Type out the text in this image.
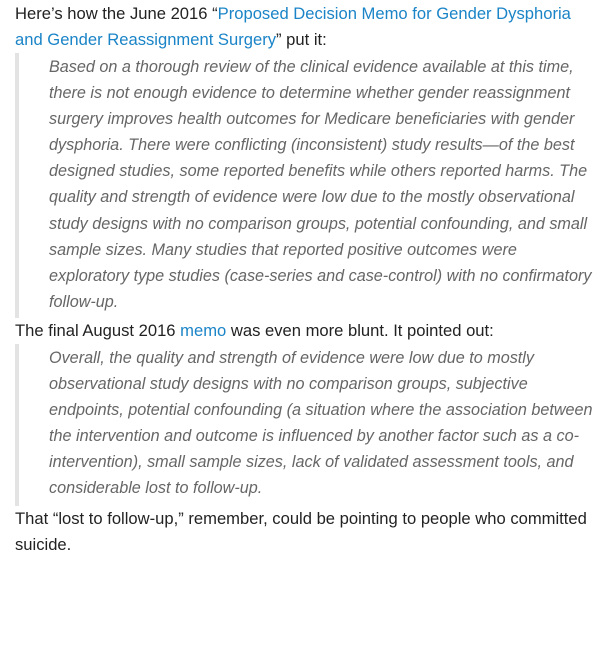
Here’s how the June 2016 “Proposed Decision Memo for Gender Dysphoria and Gender Reassignment Surgery” put it:

Based on a thorough review of the clinical evidence available at this time, there is not enough evidence to determine whether gender reassignment surgery improves health outcomes for Medicare beneficiaries with gender dysphoria. There were conflicting (inconsistent) study results—of the best designed studies, some reported benefits while others reported harms. The quality and strength of evidence were low due to the mostly observational study designs with no comparison groups, potential confounding, and small sample sizes. Many studies that reported positive outcomes were exploratory type studies (case-series and case-control) with no confirmatory follow-up.

The final August 2016 memo was even more blunt. It pointed out:

Overall, the quality and strength of evidence were low due to mostly observational study designs with no comparison groups, subjective endpoints, potential confounding (a situation where the association between the intervention and outcome is influenced by another factor such as a co-intervention), small sample sizes, lack of validated assessment tools, and considerable lost to follow-up.

That “lost to follow-up,” remember, could be pointing to people who committed suicide.
